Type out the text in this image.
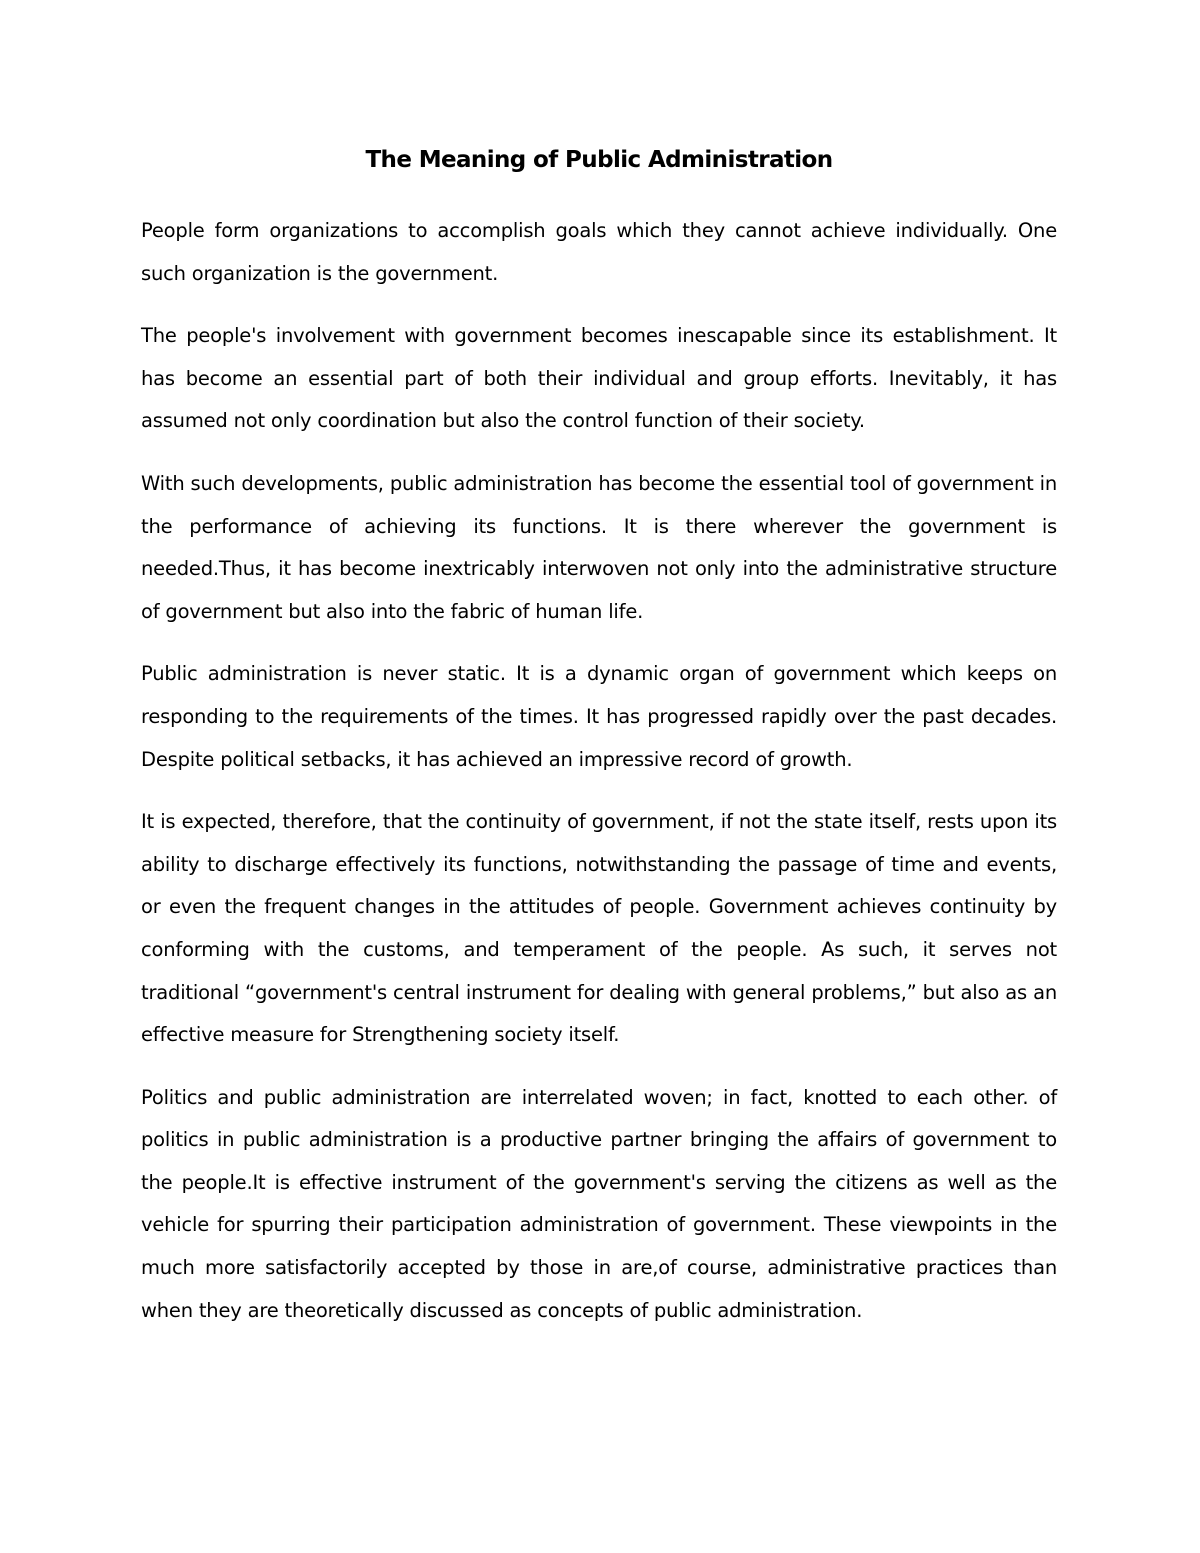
The Meaning of Public Administration

People form organizations to accomplish goals which they cannot achieve individually. One such organization is the government.

The people's involvement with government becomes inescapable since its establishment. It has become an essential part of both their individual and group efforts. Inevitably, it has assumed not only coordination but also the control function of their society.

With such developments, public administration has become the essential tool of government in the performance of achieving its functions. It is there wherever the government is needed.Thus, it has become inextricably interwoven not only into the administrative structure of government but also into the fabric of human life.

Public administration is never static. It is a dynamic organ of government which keeps on responding to the requirements of the times. It has progressed rapidly over the past decades. Despite political setbacks, it has achieved an impressive record of growth.

It is expected, therefore, that the continuity of government, if not the state itself, rests upon its ability to discharge effectively its functions, notwithstanding the passage of time and events, or even the frequent changes in the attitudes of people. Government achieves continuity by conforming with the customs, and temperament of the people. As such, it serves not traditional “government's central instrument for dealing with general problems,” but also as an effective measure for Strengthening society itself.

Politics and public administration are interrelated woven; in fact, knotted to each other. of politics in public administration is a productive partner bringing the affairs of government to the people.It is effective instrument of the government's serving the citizens as well as the vehicle for spurring their participation administration of government. These viewpoints in the much more satisfactorily accepted by those in are,of course, administrative practices than when they are theoretically discussed as concepts of public administration.
